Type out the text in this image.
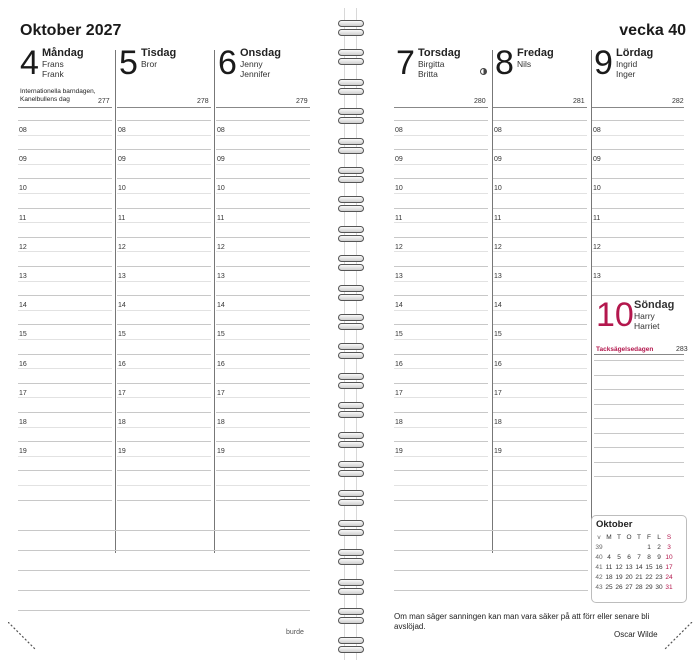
Oktober 2027	vecka 40
4 Måndag
Frans
Frank

Internationella barndagen, Kanelbullens dag	277
5 Tisdag
Bror

278
6 Onsdag
Jenny
Jennifer

279
7 Torsdag
Birgitta
Britta

280
8 Fredag
Nils

281
9 Lördag
Ingrid
Inger

282
08	08	08	08	08	08
09	09	09	09	09	09
10	10	10	10	10	10
11	11	11	11	11	11
12	12	12	12	12	12
13	13	13	13	13	13
14	14	14	14	14
15	15	15	15	15
16	16	16	16	16
17	17	17	17	17
18	18	18	18	18
19	19	19	19	19
10 Söndag
Harry
Harriet
Tacksägelsedagen	283
Oktober
v	M	T	O	T	F	L	S
39					1	2	3
40	4	5	6	7	8	9	10
41	11	12	13	14	15	16	17
42	18	19	20	21	22	23	24
43	25	26	27	28	29	30	31
Om man säger sanningen kan man vara säker på att förr eller senare bli avslöjad.
Oscar Wilde
burde
